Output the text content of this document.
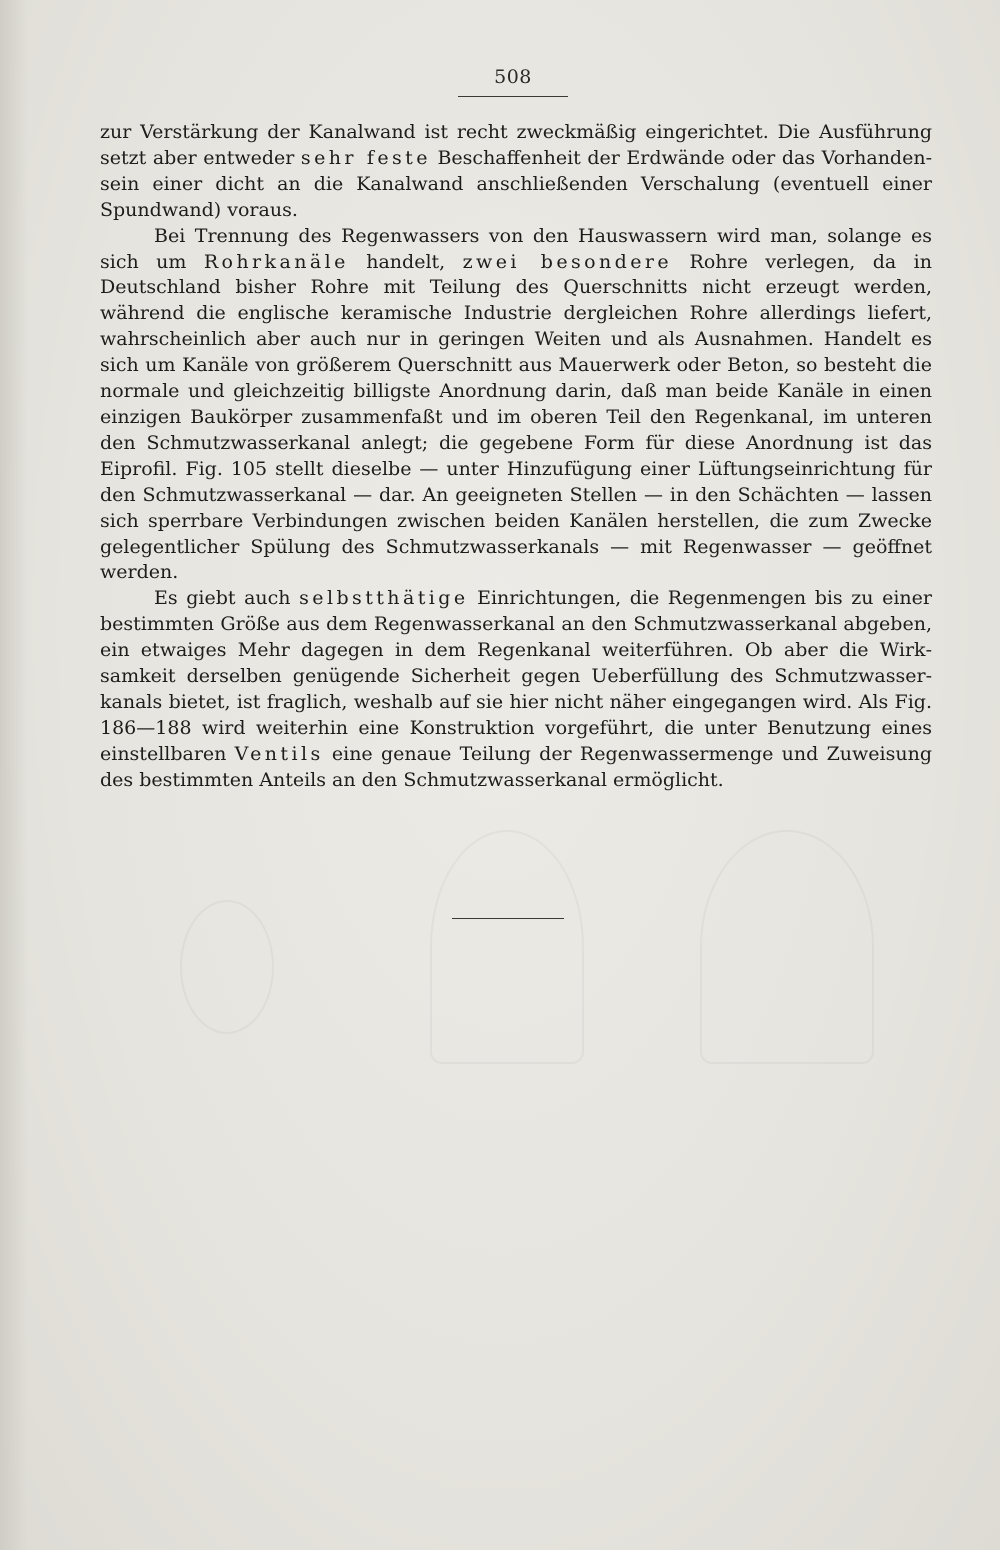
508

zur Verstärkung der Kanalwand ist recht zweckmäßig eingerichtet. Die Ausführung setzt aber entweder sehr feste Beschaffenheit der Erdwände oder das Vorhandensein einer dicht an die Kanalwand anschließenden Verschalung (eventuell einer Spundwand) voraus.

Bei Trennung des Regenwassers von den Hauswassern wird man, solange es sich um Rohrkanäle handelt, zwei besondere Rohre verlegen, da in Deutschland bisher Rohre mit Teilung des Querschnitts nicht erzeugt werden, während die englische keramische Industrie dergleichen Rohre allerdings liefert, wahrscheinlich aber auch nur in geringen Weiten und als Ausnahmen. Handelt es sich um Kanäle von größerem Querschnitt aus Mauerwerk oder Beton, so besteht die normale und gleichzeitig billigste Anordnung darin, daß man beide Kanäle in einen einzigen Baukörper zusammenfaßt und im oberen Teil den Regenkanal, im unteren den Schmutzwasserkanal anlegt; die gegebene Form für diese Anordnung ist das Eiprofil. Fig. 105 stellt dieselbe — unter Hinzufügung einer Lüftungseinrichtung für den Schmutzwasserkanal — dar. An geeigneten Stellen — in den Schächten — lassen sich sperrbare Verbindungen zwischen beiden Kanälen herstellen, die zum Zwecke gelegentlicher Spülung des Schmutzwasserkanals — mit Regenwasser — geöffnet werden.

Es giebt auch selbstthätige Einrichtungen, die Regenmengen bis zu einer bestimmten Größe aus dem Regenwasserkanal an den Schmutzwasserkanal abgeben, ein etwaiges Mehr dagegen in dem Regenkanal weiterführen. Ob aber die Wirksamkeit derselben genügende Sicherheit gegen Ueberfüllung des Schmutzwasserkanals bietet, ist fraglich, weshalb auf sie hier nicht näher eingegangen wird. Als Fig. 186—188 wird weiterhin eine Konstruktion vorgeführt, die unter Benutzung eines einstellbaren Ventils eine genaue Teilung der Regenwassermenge und Zuweisung des bestimmten Anteils an den Schmutzwasserkanal ermöglicht.
